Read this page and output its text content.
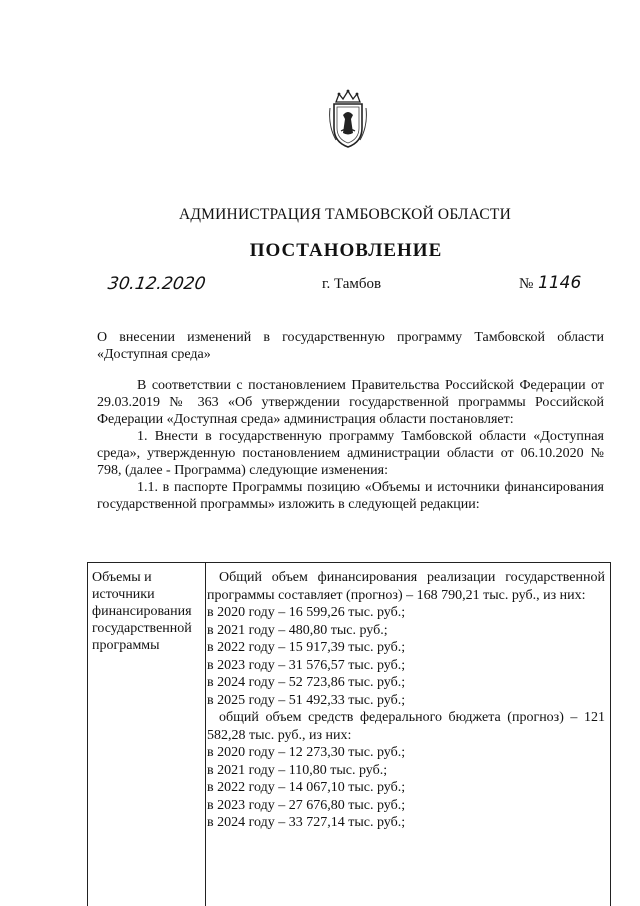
АДМИНИСТРАЦИЯ ТАМБОВСКОЙ ОБЛАСТИ
ПОСТАНОВЛЕНИЕ
30.12.2020	г. Тамбов	№ 1146
О внесении изменений в государственную программу Тамбовской области «Доступная среда»

В соответствии с постановлением Правительства Российской Федерации от 29.03.2019 № 363 «Об утверждении государственной программы Российской Федерации «Доступная среда» администрация области постановляет:

1. Внести в государственную программу Тамбовской области «Доступная среда», утвержденную постановлением администрации области от 06.10.2020 № 798, (далее - Программа) следующие изменения:

1.1. в паспорте Программы позицию «Объемы и источники финансирования государственной программы» изложить в следующей редакции:

Объемы и источники финансирования государственной программы
Общий объем финансирования реализации государственной программы составляет (прогноз) – 168 790,21 тыс. руб., из них:
в 2020 году – 16 599,26 тыс. руб.;
в 2021 году – 480,80 тыс. руб.;
в 2022 году – 15 917,39 тыс. руб.;
в 2023 году – 31 576,57 тыс. руб.;
в 2024 году – 52 723,86 тыс. руб.;
в 2025 году – 51 492,33 тыс. руб.;
общий объем средств федерального бюджета (прогноз) – 121 582,28 тыс. руб., из них:
в 2020 году – 12 273,30 тыс. руб.;
в 2021 году – 110,80 тыс. руб.;
в 2022 году – 14 067,10 тыс. руб.;
в 2023 году – 27 676,80 тыс. руб.;
в 2024 году – 33 727,14 тыс. руб.;
